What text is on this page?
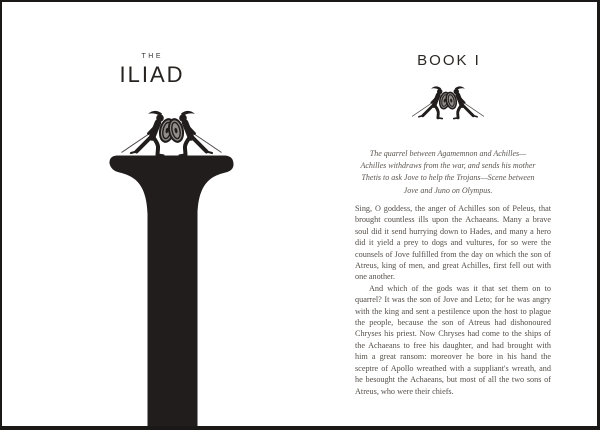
THE
ILIAD
BOOK I
The quarrel between Agamemnon and Achilles—
Achilles withdraws from the war, and sends his mother
Thetis to ask Jove to help the Trojans—Scene between
Jove and Juno on Olympus.
Sing, O goddess, the anger of Achilles son of Peleus, that brought countless ills upon the Achaeans. Many a brave soul did it send hurrying down to Hades, and many a hero did it yield a prey to dogs and vultures, for so were the counsels of Jove fulfilled from the day on which the son of Atreus, king of men, and great Achilles, first fell out with one another.
And which of the gods was it that set them on to quarrel? It was the son of Jove and Leto; for he was angry with the king and sent a pestilence upon the host to plague the people, because the son of Atreus had dishonoured Chryses his priest. Now Chryses had come to the ships of the Achaeans to free his daughter, and had brought with him a great ransom: moreover he bore in his hand the sceptre of Apollo wreathed with a suppliant's wreath, and he besought the Achaeans, but most of all the two sons of Atreus, who were their chiefs.
